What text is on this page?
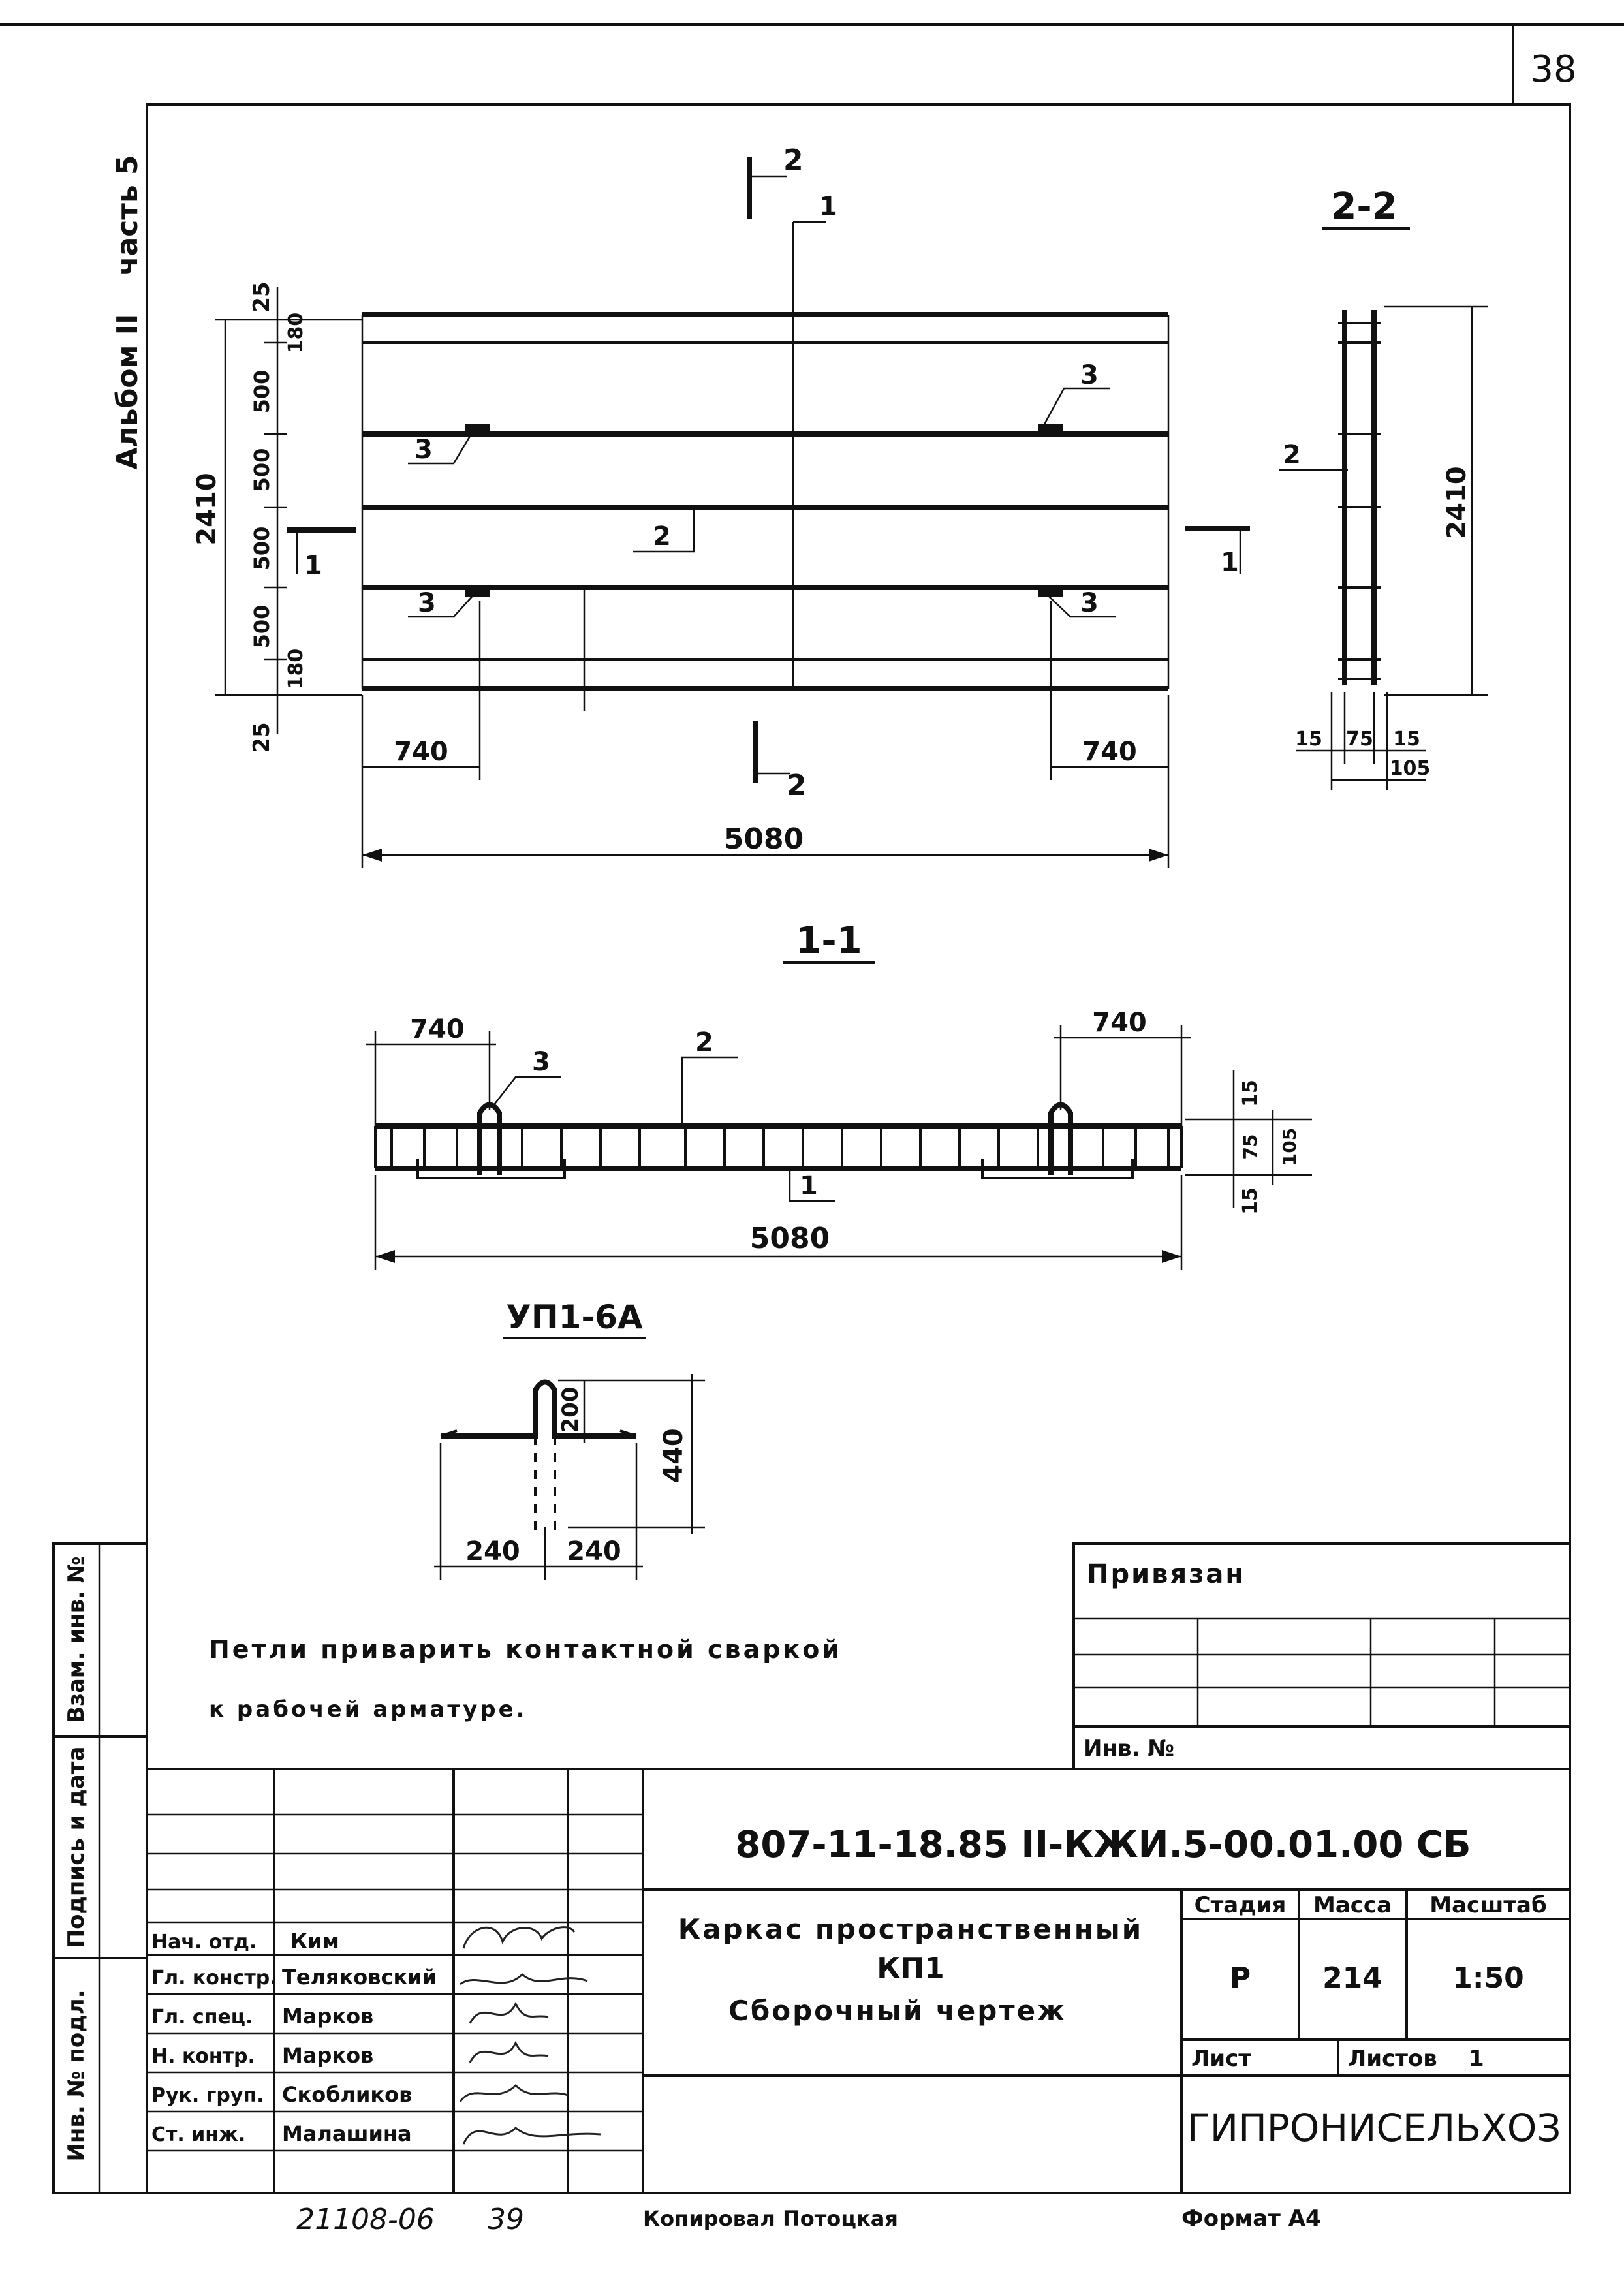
38
часть 5
Альбом II
Взам. инв. №
Подпись и дата
Инв. № подл.
1
2
3
3
3	3
2
2
1	1
2410
25
180
500
500
500
500
180
25	740	740
5080
2-2
2410
2
15 75 15
105
1-1
3
2
1
740	740
5080
15
75 105
15
УП1-6А
200
440
240 240
Петли приварить контактной сваркой
к рабочей арматуре.
Привязан
Инв. №
807-11-18.85 II-КЖИ.5-00.01.00 СБ
Каркас пространственный
КП1
Сборочный чертеж
Стадия Масса Масштаб
Р 214 1:50
Лист	Листов 1
ГИПРОНИСЕЛЬХОЗ
Нач. отд. Ким
Гл. констр. Теляковский
Гл. спец. Марков
Н. контр. Марков
Рук. груп. Скобликов
Ст. инж. Малашина
21108-06 39	Копировал Потоцкая	Формат А4
